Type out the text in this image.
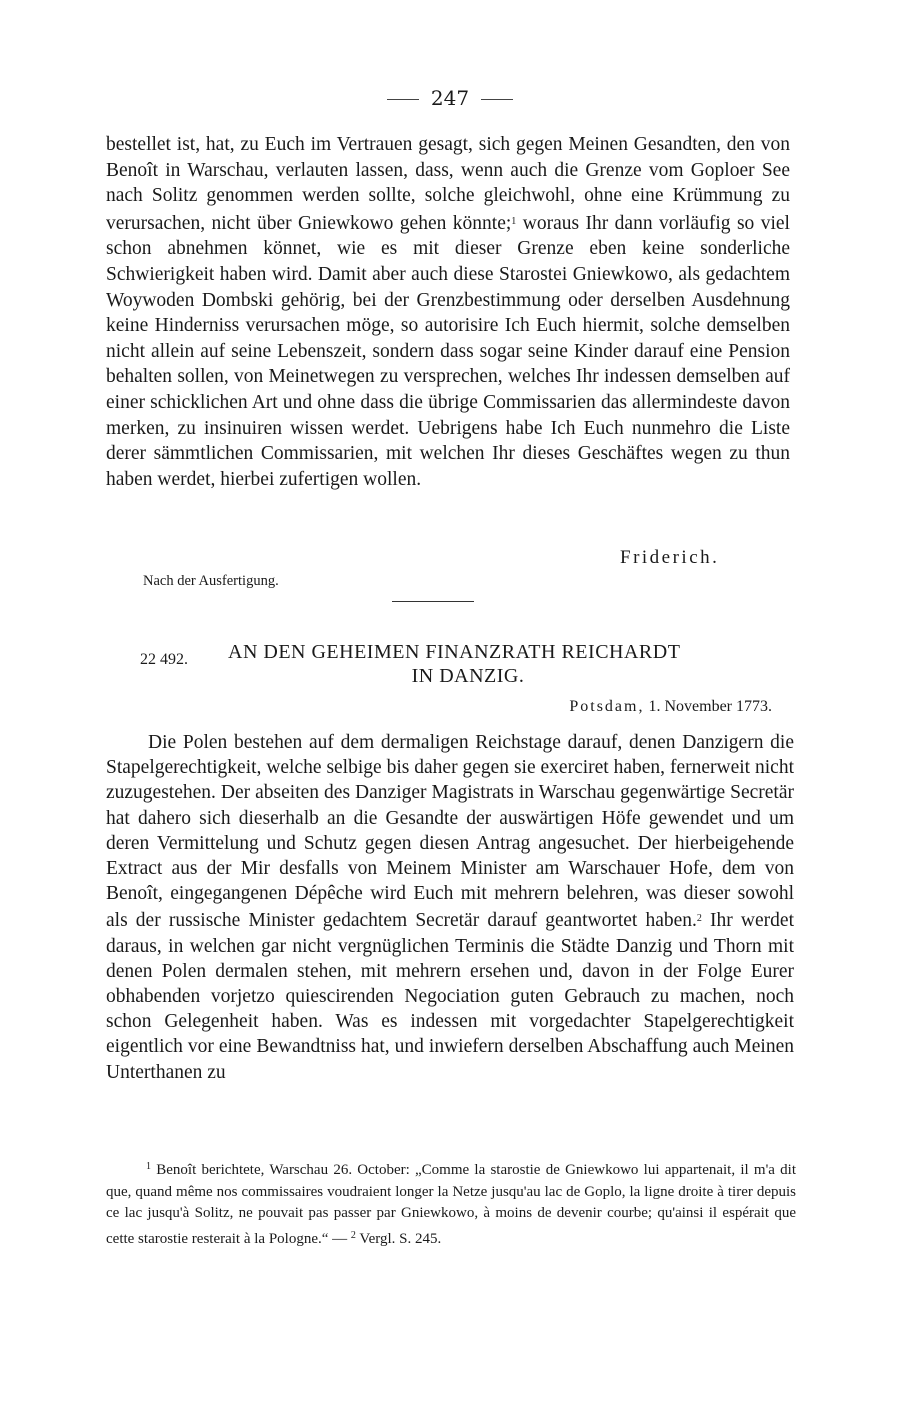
247
bestellet ist, hat, zu Euch im Vertrauen gesagt, sich gegen Meinen Gesandten, den von Benoît in Warschau, verlauten lassen, dass, wenn auch die Grenze vom Goploer See nach Solitz genommen werden sollte, solche gleichwohl, ohne eine Krümmung zu verursachen, nicht über Gniewkowo gehen könnte;$^1$ woraus Ihr dann vorläufig so viel schon abnehmen könnet, wie es mit dieser Grenze eben keine sonderliche Schwierigkeit haben wird. Damit aber auch diese Starostei Gniewkowo, als gedachtem Woywoden Dombski gehörig, bei der Grenzbestimmung oder derselben Ausdehnung keine Hinderniss verursachen möge, so autorisire Ich Euch hiermit, solche demselben nicht allein auf seine Lebenszeit, sondern dass sogar seine Kinder darauf eine Pension behalten sollen, von Meinetwegen zu versprechen, welches Ihr indessen demselben auf einer schicklichen Art und ohne dass die übrige Commissarien das allermindeste davon merken, zu insinuiren wissen werdet. Uebrigens habe Ich Euch nunmehro die Liste derer sämmtlichen Commissarien, mit welchen Ihr dieses Geschäftes wegen zu thun haben werdet, hierbei zufertigen wollen.
Friderich.
Nach der Ausfertigung.
22 492. AN DEN GEHEIMEN FINANZRATH REICHARDT
IN DANZIG.
Potsdam, 1. November 1773.
Die Polen bestehen auf dem dermaligen Reichstage darauf, denen Danzigern die Stapelgerechtigkeit, welche selbige bis daher gegen sie exerciret haben, fernerweit nicht zuzugestehen. Der abseiten des Danziger Magistrats in Warschau gegenwärtige Secretär hat dahero sich dieserhalb an die Gesandte der auswärtigen Höfe gewendet und um deren Vermittelung und Schutz gegen diesen Antrag angesuchet. Der hierbeigehende Extract aus der Mir desfalls von Meinem Minister am Warschauer Hofe, dem von Benoît, eingegangenen Dépêche wird Euch mit mehrern belehren, was dieser sowohl als der russische Minister gedachtem Secretär darauf geantwortet haben.$^2$ Ihr werdet daraus, in welchen gar nicht vergnüglichen Terminis die Städte Danzig und Thorn mit denen Polen dermalen stehen, mit mehrern ersehen und, davon in der Folge Eurer obhabenden vorjetzo quiescirenden Negociation guten Gebrauch zu machen, noch schon Gelegenheit haben. Was es indessen mit vorgedachter Stapelgerechtigkeit eigentlich vor eine Bewandtniss hat, und inwiefern derselben Abschaffung auch Meinen Unterthanen zu
$^1$ Benoît berichtete, Warschau 26. October: „Comme la starostie de Gniewkowo lui appartenait, il m'a dit que, quand même nos commissaires voudraient longer la Netze jusqu'au lac de Goplo, la ligne droite à tirer depuis ce lac jusqu'à Solitz, ne pouvait pas passer par Gniewkowo, à moins de devenir courbe; qu'ainsi il espérait que cette starostie resterait à la Pologne.“ — $^2$ Vergl. S. 245.
